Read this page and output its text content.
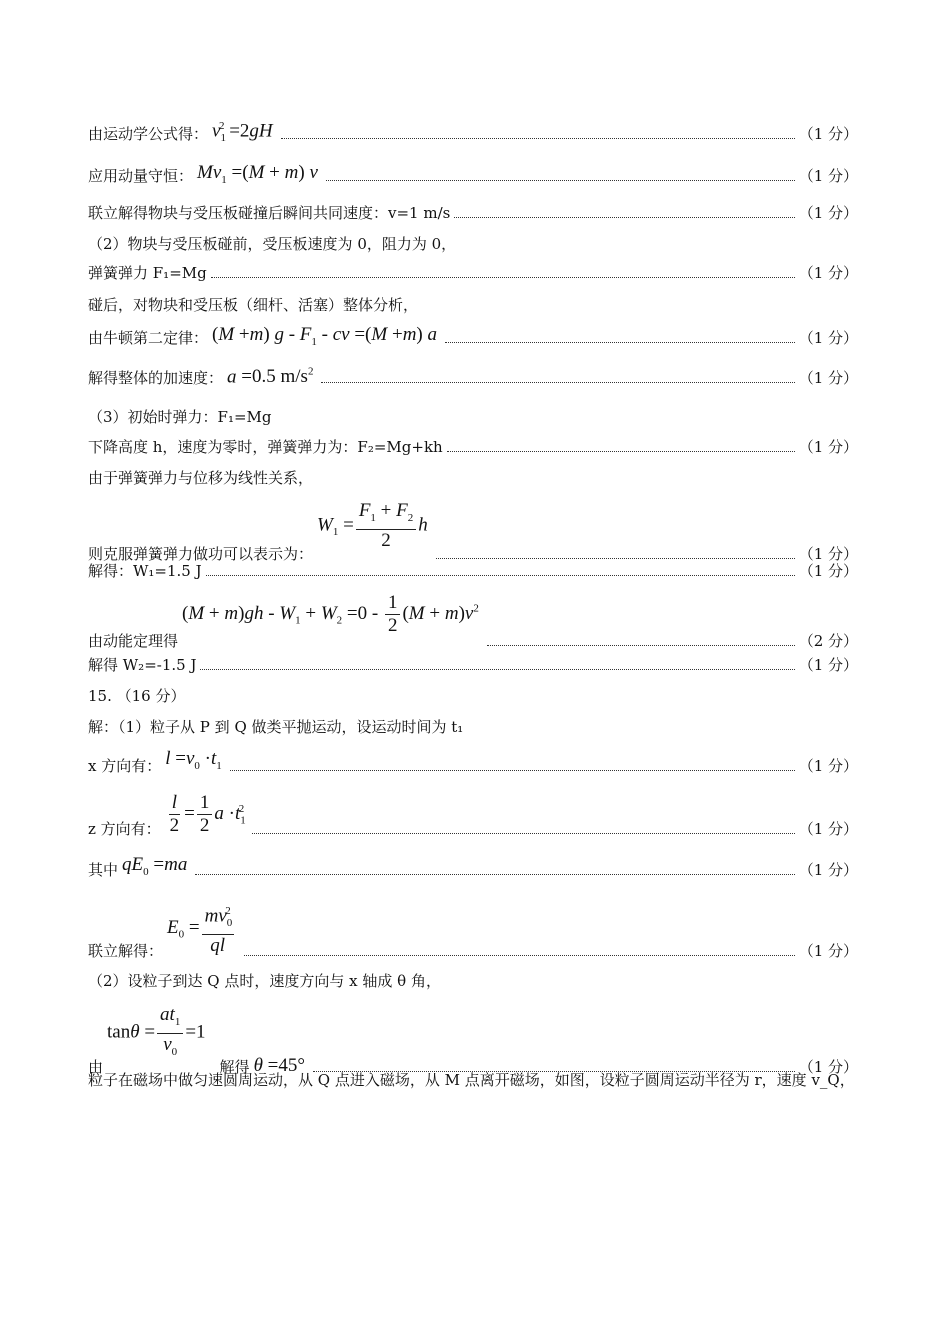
由运动学公式得： $v_1^2 =2gH$	（1 分）
应用动量守恒： $Mv_1 =(M + m)$ v	（1 分）
联立解得物块与受压板碰撞后瞬间共同速度：v=1 m/s	（1 分）
（2）物块与受压板碰前，受压板速度为 0，阻力为 0，
弹簧弹力 F₁=Mg	（1 分）
碰后，对物块和受压板（细杆、活塞）整体分析，
由牛顿第二定律： (M +m) g - $F_1$ - cv =(M +m) a	（1 分）
解得整体的加速度： a =0.5 $m/s^2$	（1 分）
（3）初始时弹力：F₁=Mg
下降高度 h，速度为零时，弹簧弹力为：F₂=Mg+kh	（1 分）
由于弹簧弹力与位移为线性关系，
则克服弹簧弹力做功可以表示为：
$W_1 = \frac{F_1 + F_2}{2}$ h
（1 分）
解得：W₁=1.5 J	（1 分）
由动能定理得
$(M + m)gh - W_1 + W_2 =0 - \frac{1}{2} (M + m)v^2$
（2 分）
解得 W₂=-1.5 J	（1 分）
15. （16 分）
解：（1）粒子从 P 到 Q 做类平抛运动，设运动时间为 t₁
x 方向有： $l =v_0 \cdot t_1$	（1 分）
z 方向有： $\frac{l}{2} = \frac{1}{2}$ $a \cdot t_1^2$
（1 分）
其中 $qE_0 =ma$	（1 分）
联立解得：
$E_0 = \frac{mv_0^2}{ql}$	（1 分）
（2）设粒子到达 Q 点时，速度方向与 x 轴成 θ 角，
由
$\tan\theta = \frac{at_1}{v_0} =1$
解得 θ =45°	（1 分）
粒子在磁场中做匀速圆周运动，从 Q 点进入磁场，从 M 点离开磁场，如图，设粒子圆周运动半径为 r，速度 v_Q，
